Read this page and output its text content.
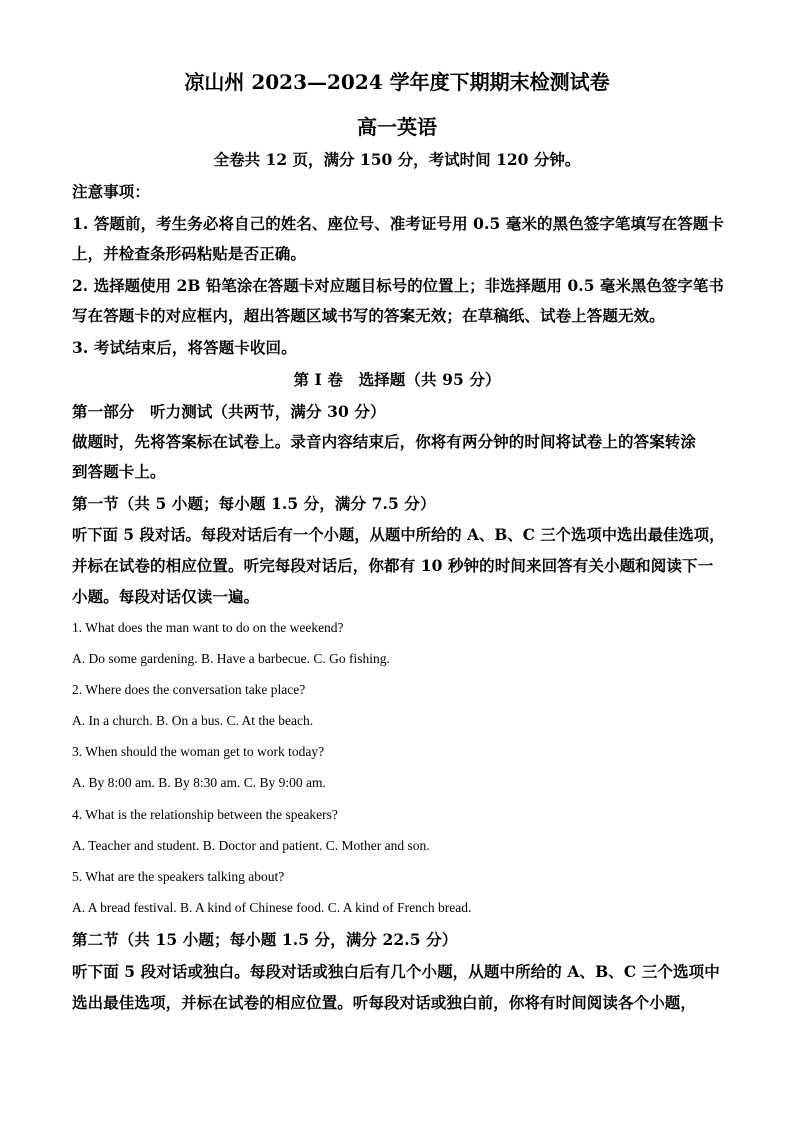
凉山州 2023—2024 学年度下期期末检测试卷
高一英语
全卷共 12 页，满分 150 分，考试时间 120 分钟。
注意事项：
1. 答题前，考生务必将自己的姓名、座位号、准考证号用 0.5 毫米的黑色签字笔填写在答题卡
上，并检查条形码粘贴是否正确。
2. 选择题使用 2B 铅笔涂在答题卡对应题目标号的位置上；非选择题用 0.5 毫米黑色签字笔书
写在答题卡的对应框内，超出答题区域书写的答案无效；在草稿纸、试卷上答题无效。
3. 考试结束后，将答题卡收回。
第 I 卷　选择题（共 95 分）
第一部分　听力测试（共两节，满分 30 分）
做题时，先将答案标在试卷上。录音内容结束后，你将有两分钟的时间将试卷上的答案转涂
到答题卡上。
第一节（共 5 小题；每小题 1.5 分，满分 7.5 分）
听下面 5 段对话。每段对话后有一个小题，从题中所给的 A、B、C 三个选项中选出最佳选项，
并标在试卷的相应位置。听完每段对话后，你都有 10 秒钟的时间来回答有关小题和阅读下一
小题。每段对话仅读一遍。
1. What does the man want to do on the weekend?
A. Do some gardening. B. Have a barbecue. C. Go fishing.
2. Where does the conversation take place?
A. In a church. B. On a bus. C. At the beach.
3. When should the woman get to work today?
A. By 8:00 am. B. By 8:30 am. C. By 9:00 am.
4. What is the relationship between the speakers?
A. Teacher and student. B. Doctor and patient. C. Mother and son.
5. What are the speakers talking about?
A. A bread festival. B. A kind of Chinese food. C. A kind of French bread.
第二节（共 15 小题；每小题 1.5 分，满分 22.5 分）
听下面 5 段对话或独白。每段对话或独白后有几个小题，从题中所给的 A、B、C 三个选项中
选出最佳选项，并标在试卷的相应位置。听每段对话或独白前，你将有时间阅读各个小题，
